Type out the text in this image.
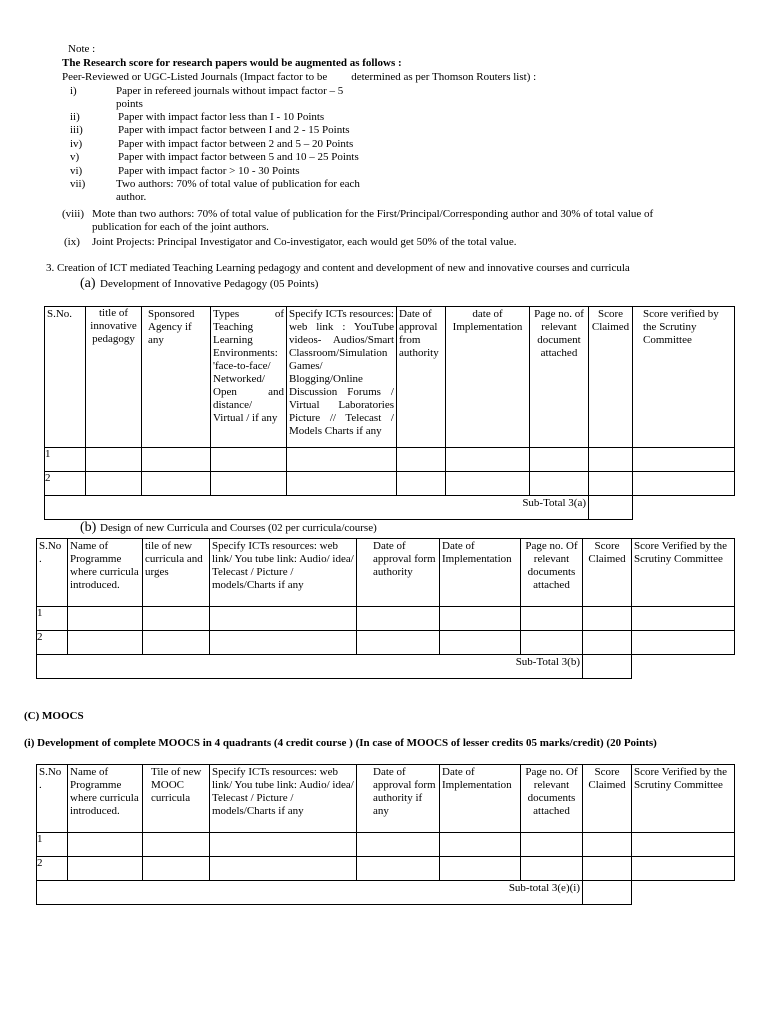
Note :
The Research score for research papers would be augmented as follows :
Peer-Reviewed or UGC-Listed Journals (Impact factor to be determined as per Thomson Routers list) :
i)	Paper in refereed journals without impact factor – 5
points
ii)	Paper with impact factor less than I - 10 Points
iii)	Paper with impact factor between I and 2 - 15 Points
iv)	Paper with impact factor between 2 and 5 – 20 Points
v)	Paper with impact factor between 5 and 10 – 25 Points
vi)	Paper with impact factor > 10 - 30 Points
vii)	Two authors: 70% of total value of publication for each
author.
(viii) Mote than two authors: 70% of total value of publication for the First/Principal/Corresponding author and 30% of total value of
publication for each of the joint authors.
(ix) Joint Projects: Principal Investigator and Co-investigator, each would get 50% of the total value.
3. Creation of ICT mediated Teaching Learning pedagogy and content and development of new and innovative courses and curricula
(a) Development of Innovative Pedagogy (05 Points)
S.No.	title of innovative pedagogy	Sponsored Agency if any	Types of Teaching Learning Environments: 'face-to-face/ Networked/ Open and distance/ Virtual / if any	Specify ICTs resources: web link : YouTube videos- Audios/Smart Classroom/Simulation Games/ Blogging/Online Discussion Forums / Virtual Laboratories Picture // Telecast / Models Charts if any	Date of approval from authority	date of Implementation	Page no. of relevant document attached	Score Claimed	Score verified by the Scrutiny Committee
1									
2									
Sub-Total 3(a)									
(b) Design of new Curricula and Courses (02 per curricula/course)
S.No .	Name of Programme where curricula introduced.	tile of new curricula and urges	Specify ICTs resources: web link/ You tube link: Audio/ idea/ Telecast / Picture / models/Charts if any	Date of approval form authority	Date of Implementation	Page no. Of relevant documents attached	Score Claimed	Score Verified by the Scrutiny Committee
1								
2								
Sub-Total 3(b)								
(C) MOOCS
(i) Development of complete MOOCS in 4 quadrants (4 credit course ) (In case of MOOCS of lesser credits 05 marks/credit) (20 Points)
S.No .	Name of Programme where curricula introduced.	Tile of new MOOC curricula	Specify ICTs resources: web link/ You tube link: Audio/ idea/ Telecast / Picture / models/Charts if any	Date of approval form authority if any	Date of Implementation	Page no. Of relevant documents attached	Score Claimed	Score Verified by the Scrutiny Committee
1								
2								
Sub-total 3(e)(i)								
